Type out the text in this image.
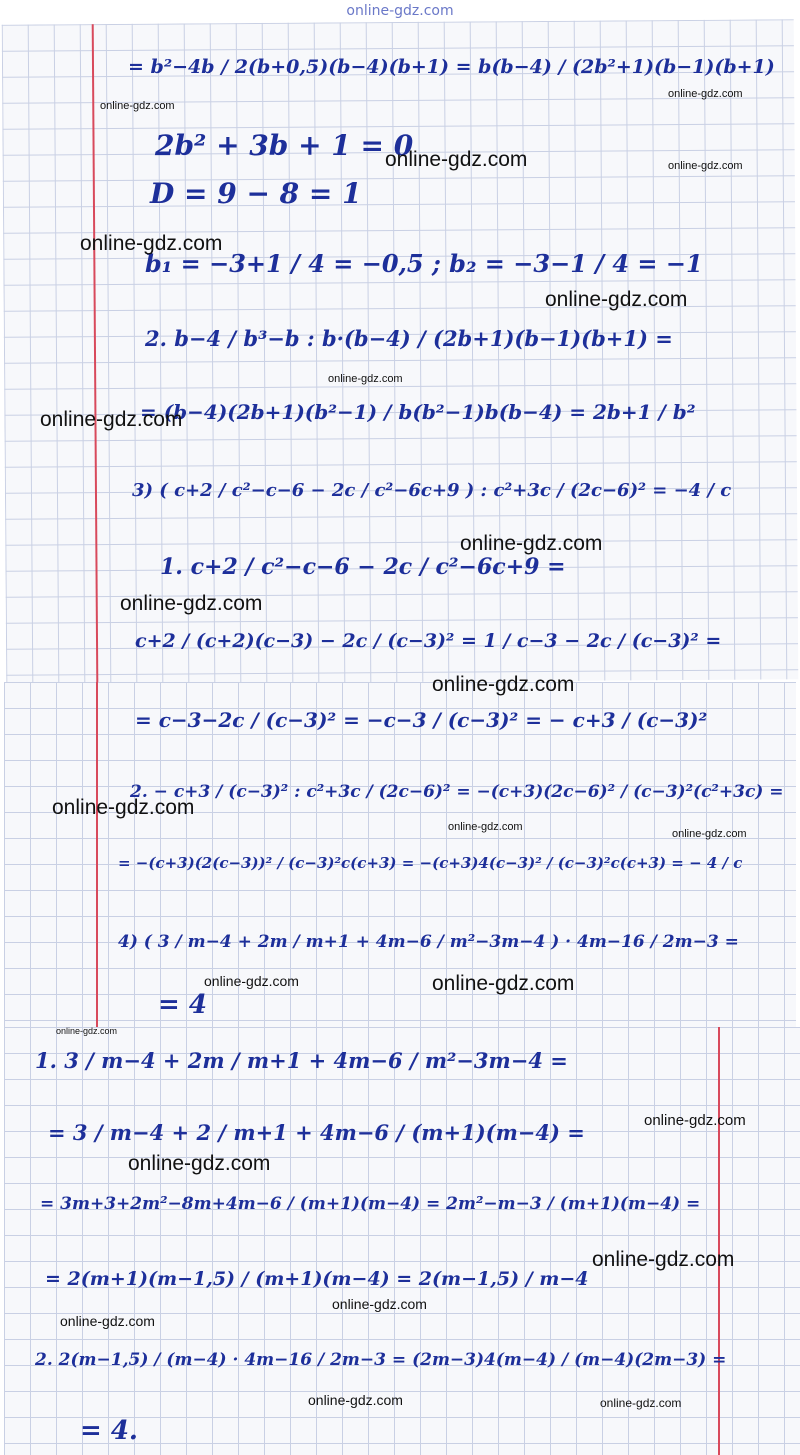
online-gdz.com
= b²−4b / 2(b+0,5)(b−4)(b+1) = b(b−4) / (2b²+1)(b−1)(b+1)
2b² + 3b + 1 = 0
D = 9 − 8 = 1
b₁ = −3+1 / 4 = −0,5 ; b₂ = −3−1 / 4 = −1
2. b−4 / b³−b : b·(b−4) / (2b+1)(b−1)(b+1) =
= (b−4)(2b+1)(b²−1) / b(b²−1)b(b−4) = 2b+1 / b²
3) ( c+2 / c²−c−6 − 2c / c²−6c+9 ) : c²+3c / (2c−6)² = −4 / c
1. c+2 / c²−c−6 − 2c / c²−6c+9 =
c+2 / (c+2)(c−3) − 2c / (c−3)² = 1 / c−3 − 2c / (c−3)² =
= c−3−2c / (c−3)² = −c−3 / (c−3)² = − c+3 / (c−3)²
2. − c+3 / (c−3)² : c²+3c / (2c−6)² = −(c+3)(2c−6)² / (c−3)²(c²+3c) =
= −(c+3)(2(c−3))² / (c−3)²c(c+3) = −(c+3)4(c−3)² / (c−3)²c(c+3) = − 4 / c
4) ( 3 / m−4 + 2m / m+1 + 4m−6 / m²−3m−4 ) · 4m−16 / 2m−3 =
= 4
1. 3 / m−4 + 2m / m+1 + 4m−6 / m²−3m−4 =
= 3 / m−4 + 2 / m+1 + 4m−6 / (m+1)(m−4) =
= 3m+3+2m²−8m+4m−6 / (m+1)(m−4) = 2m²−m−3 / (m+1)(m−4) =
= 2(m+1)(m−1,5) / (m+1)(m−4) = 2(m−1,5) / m−4
2. 2(m−1,5) / (m−4) · 4m−16 / 2m−3 = (2m−3)4(m−4) / (m−4)(2m−3) =
= 4.
online-gdz.com
online-gdz.com
online-gdz.com	online-gdz.com
online-gdz.com
online-gdz.com
online-gdz.com
online-gdz.com
online-gdz.com
online-gdz.com
online-gdz.com
online-gdz.com
online-gdz.com
online-gdz.com
online-gdz.com	online-gdz.com
online-gdz.com
online-gdz.com
online-gdz.com
online-gdz.com
online-gdz.com
online-gdz.com
online-gdz.com	online-gdz.com
